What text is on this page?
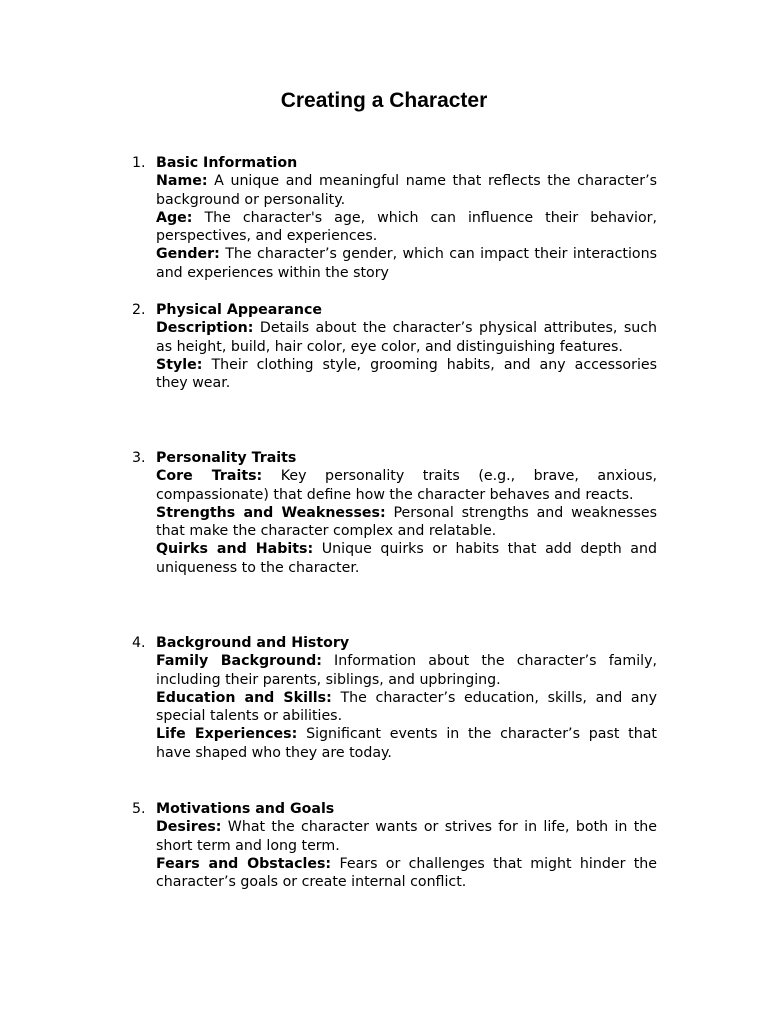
Creating a Character
1. Basic Information
Name: A unique and meaningful name that reflects the character’s background or personality.
Age: The character's age, which can influence their behavior, perspectives, and experiences.
Gender: The character’s gender, which can impact their interactions and experiences within the story
2. Physical Appearance
Description: Details about the character’s physical attributes, such as height, build, hair color, eye color, and distinguishing features.
Style: Their clothing style, grooming habits, and any accessories they wear.
3. Personality Traits
Core Traits: Key personality traits (e.g., brave, anxious, compassionate) that define how the character behaves and reacts.
Strengths and Weaknesses: Personal strengths and weaknesses that make the character complex and relatable.
Quirks and Habits: Unique quirks or habits that add depth and uniqueness to the character.
4. Background and History
Family Background: Information about the character’s family, including their parents, siblings, and upbringing.
Education and Skills: The character’s education, skills, and any special talents or abilities.
Life Experiences: Significant events in the character’s past that have shaped who they are today.
5. Motivations and Goals
Desires: What the character wants or strives for in life, both in the short term and long term.
Fears and Obstacles: Fears or challenges that might hinder the character’s goals or create internal conflict.
